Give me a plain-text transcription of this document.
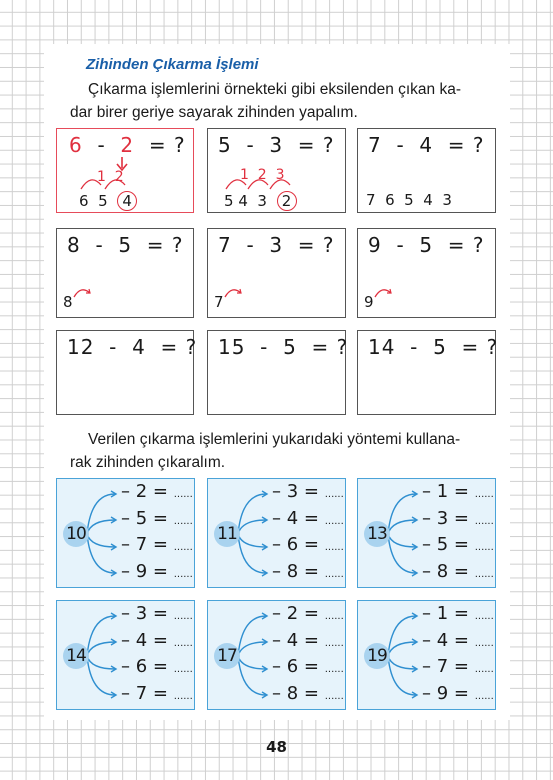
Zihinden Çıkarma İşlemi
Çıkarma işlemlerini örnekteki gibi eksilenden çıkan ka-
dar birer geriye sayarak zihinden yapalım.
6 - 2 = ?
1  2
6 5 4
5  -  3  = ?
1  2  3
5 4 3 2
7  -  4  = ?
7  6  5  4  3
8  -  5  = ?
8
7  -  3  = ?
7
9  -  5  = ?
9
12  -  4  = ? 15  -  5  = ? 14  -  5  = ?
Verilen çıkarma işlemlerini yukarıdaki yöntemi kullana-
rak zihinden çıkaralım.
10
– 2 = ......
– 5 = ......
– 7 = ......
– 9 = ......
11
– 3 = ......
– 4 = ......
– 6 = ......
– 8 = ......
13
– 1 = ......
– 3 = ......
– 5 = ......
– 8 = ......
14
– 3 = ......
– 4 = ......
– 6 = ......
– 7 = ......
17
– 2 = ......
– 4 = ......
– 6 = ......
– 8 = ......
19
– 1 = ......
– 4 = ......
– 7 = ......
– 9 = ......
48
